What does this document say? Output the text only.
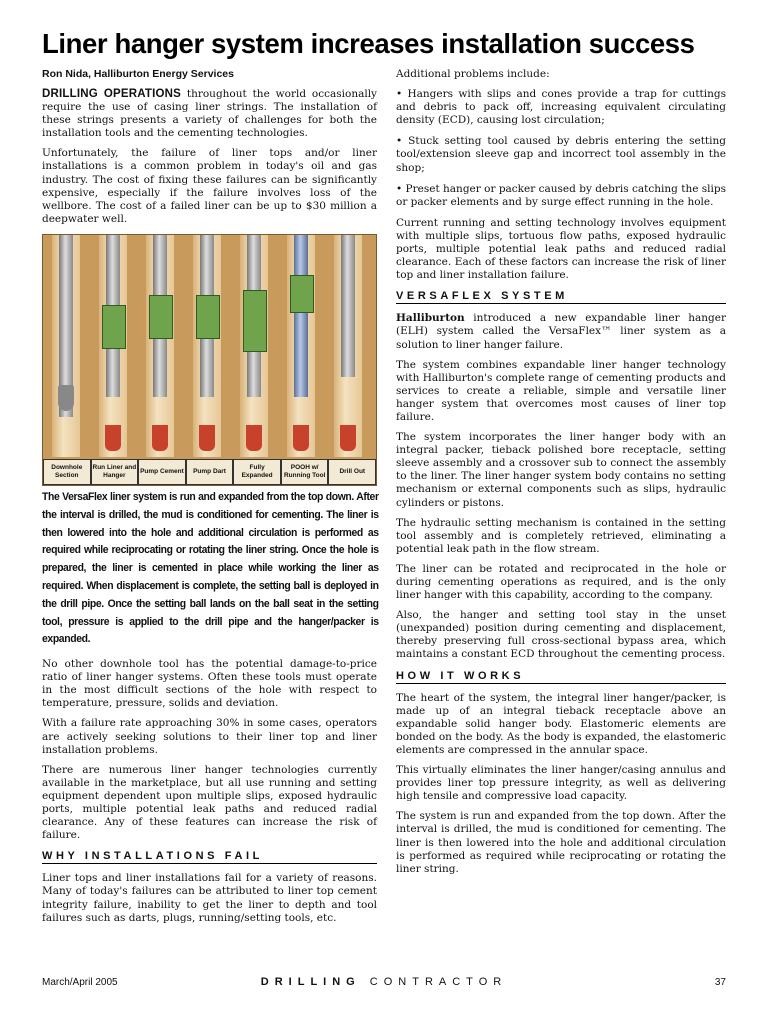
Liner hanger system increases installation success
Ron Nida, Halliburton Energy Services

DRILLING OPERATIONS throughout the world occasionally require the use of casing liner strings. The installation of these strings presents a variety of challenges for both the installation tools and the cementing technologies.

Unfortunately, the failure of liner tops and/or liner installations is a common problem in today's oil and gas industry. The cost of fixing these failures can be significantly expensive, especially if the failure involves loss of the wellbore. The cost of a failed liner can be up to $30 million a deepwater well.

Downhole Section
Run Liner and Hanger
Pump Cement	Pump Dart
Fully Expanded
POOH w/ Running Tool
Drill Out

The VersaFlex liner system is run and expanded from the top down. After the interval is drilled, the mud is conditioned for cementing. The liner is then lowered into the hole and additional circulation is performed as required while reciprocating or rotating the liner string. Once the hole is prepared, the liner is cemented in place while working the liner as required. When displacement is complete, the setting ball is deployed in the drill pipe. Once the setting ball lands on the ball seat in the setting tool, pressure is applied to the drill pipe and the hanger/packer is expanded.

No other downhole tool has the potential damage-to-price ratio of liner hanger systems. Often these tools must operate in the most difficult sections of the hole with respect to temperature, pressure, solids and deviation.

With a failure rate approaching 30% in some cases, operators are actively seeking solutions to their liner top and liner installation problems.

There are numerous liner hanger technologies currently available in the marketplace, but all use running and setting equipment dependent upon multiple slips, exposed hydraulic ports, multiple potential leak paths and reduced radial clearance. Any of these features can increase the risk of failure.

WHY INSTALLATIONS FAIL

Liner tops and liner installations fail for a variety of reasons. Many of today's failures can be attributed to liner top cement integrity failure, inability to get the liner to depth and tool failures such as darts, plugs, running/setting tools, etc.

Additional problems include:

• Hangers with slips and cones provide a trap for cuttings and debris to pack off, increasing equivalent circulating density (ECD), causing lost circulation;

• Stuck setting tool caused by debris entering the setting tool/extension sleeve gap and incorrect tool assembly in the shop;

• Preset hanger or packer caused by debris catching the slips or packer elements and by surge effect running in the hole.

Current running and setting technology involves equipment with multiple slips, tortuous flow paths, exposed hydraulic ports, multiple potential leak paths and reduced radial clearance. Each of these factors can increase the risk of liner top and liner installation failure.

VERSAFLEX SYSTEM

Halliburton introduced a new expandable liner hanger (ELH) system called the VersaFlex™ liner system as a solution to liner hanger failure.

The system combines expandable liner hanger technology with Halliburton's complete range of cementing products and services to create a reliable, simple and versatile liner hanger system that overcomes most causes of liner top failure.

The system incorporates the liner hanger body with an integral packer, tieback polished bore receptacle, setting sleeve assembly and a crossover sub to connect the assembly to the liner. The liner hanger system body contains no setting mechanism or external components such as slips, hydraulic cylinders or pistons.

The hydraulic setting mechanism is contained in the setting tool assembly and is completely retrieved, eliminating a potential leak path in the flow stream.

The liner can be rotated and reciprocated in the hole or during cementing operations as required, and is the only liner hanger with this capability, according to the company.

Also, the hanger and setting tool stay in the unset (unexpanded) position during cementing and displacement, thereby preserving full cross-sectional bypass area, which maintains a constant ECD throughout the cementing process.

HOW IT WORKS

The heart of the system, the integral liner hanger/packer, is made up of an integral tieback receptacle above an expandable solid hanger body. Elastomeric elements are bonded on the body. As the body is expanded, the elastomeric elements are compressed in the annular space.

This virtually eliminates the liner hanger/casing annulus and provides liner top pressure integrity, as well as delivering high tensile and compressive load capacity.

The system is run and expanded from the top down. After the interval is drilled, the mud is conditioned for cementing. The liner is then lowered into the hole and additional circulation is performed as required while reciprocating or rotating the liner string.

March/April 2005	DRILLING CONTRACTOR	37
